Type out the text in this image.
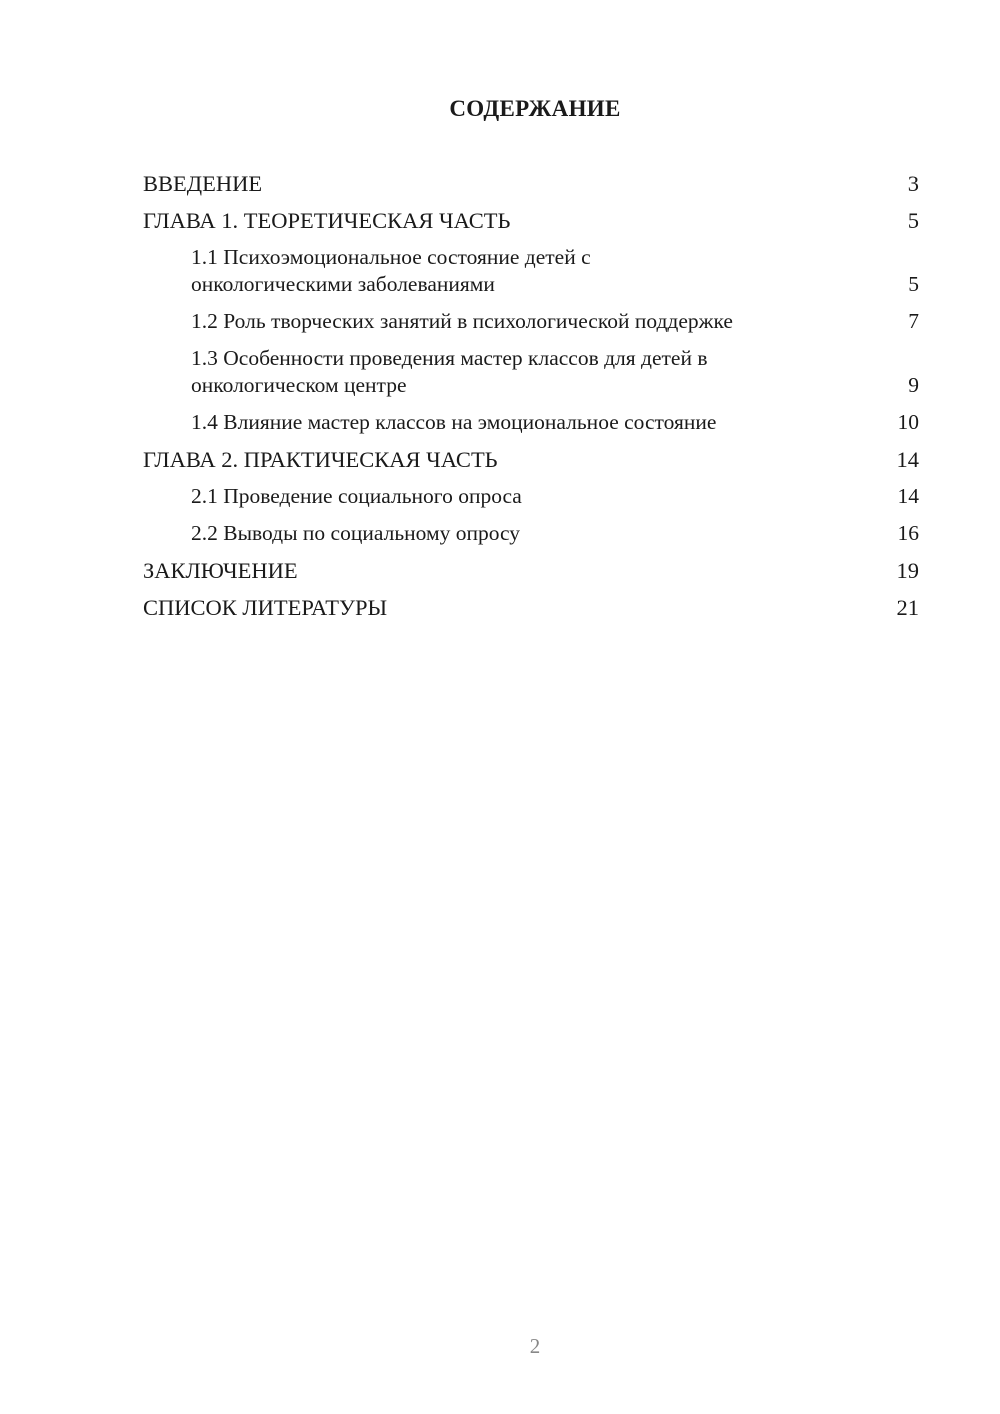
СОДЕРЖАНИЕ
ВВЕДЕНИЕ	3
ГЛАВА 1. ТЕОРЕТИЧЕСКАЯ ЧАСТЬ	5
1.1 Психоэмоциональное состояние детей с
онкологическими заболеваниями	5
1.2 Роль творческих занятий в психологической поддержке	7
1.3 Особенности проведения мастер классов для детей в
онкологическом центре	9
1.4 Влияние мастер классов на эмоциональное состояние	10
ГЛАВА 2. ПРАКТИЧЕСКАЯ ЧАСТЬ	14
2.1 Проведение социального опроса	14
2.2 Выводы по социальному опросу	16
ЗАКЛЮЧЕНИЕ	19
СПИСОК ЛИТЕРАТУРЫ	21
2
